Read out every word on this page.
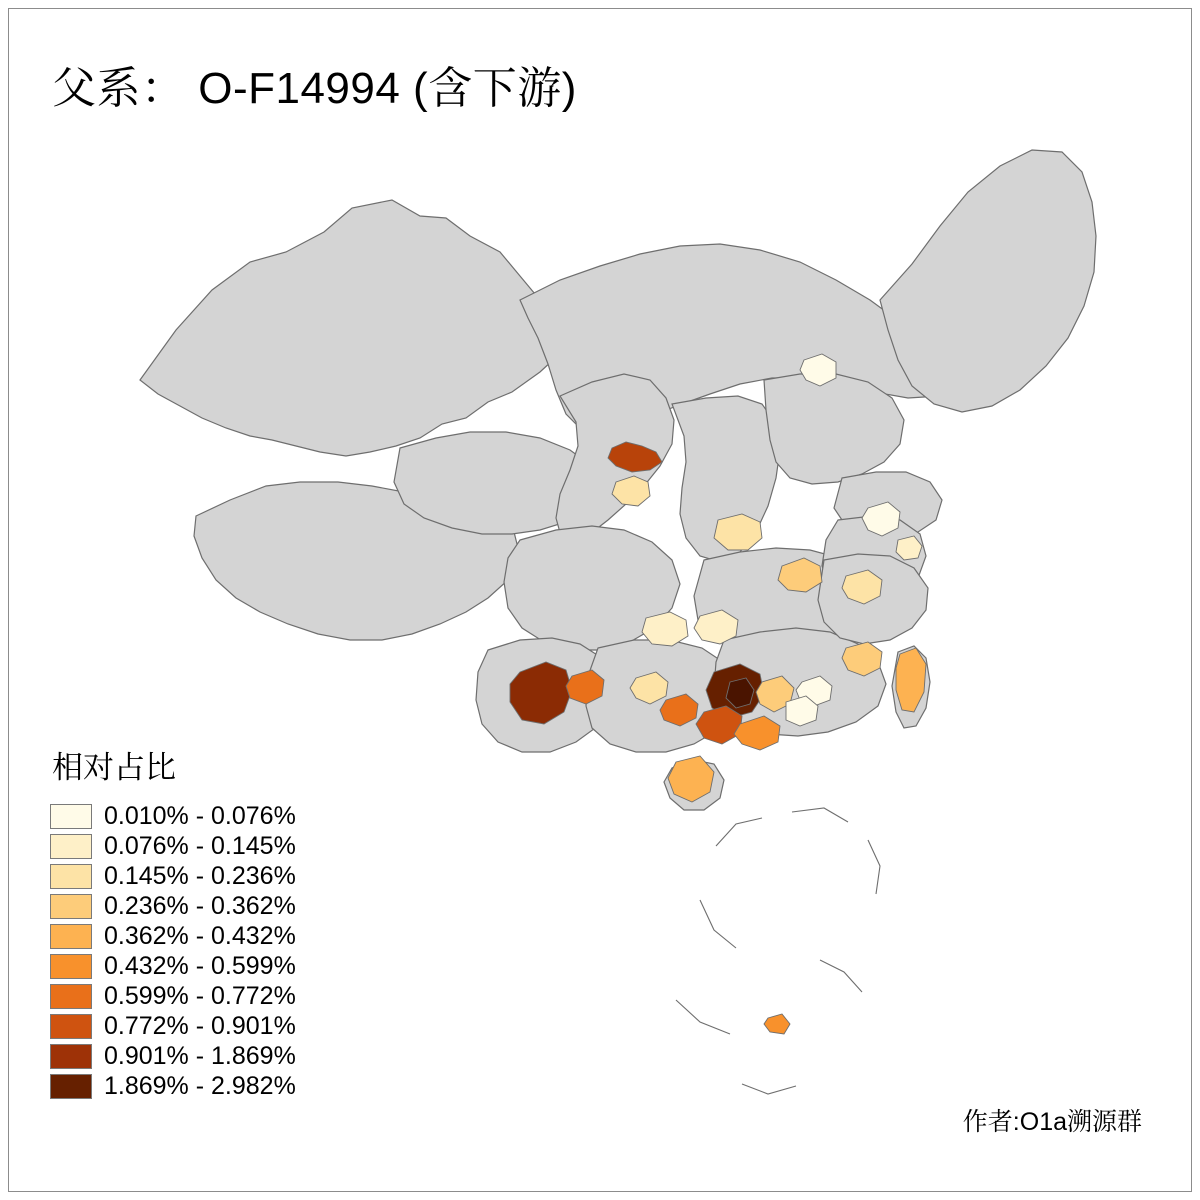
父系： O-F14994 (含下游)
相对占比
0.010% - 0.076%
0.076% - 0.145%
0.145% - 0.236%
0.236% - 0.362%
0.362% - 0.432%
0.432% - 0.599%
0.599% - 0.772%
0.772% - 0.901%
0.901% - 1.869%
1.869% - 2.982%
作者:O1a溯源群
